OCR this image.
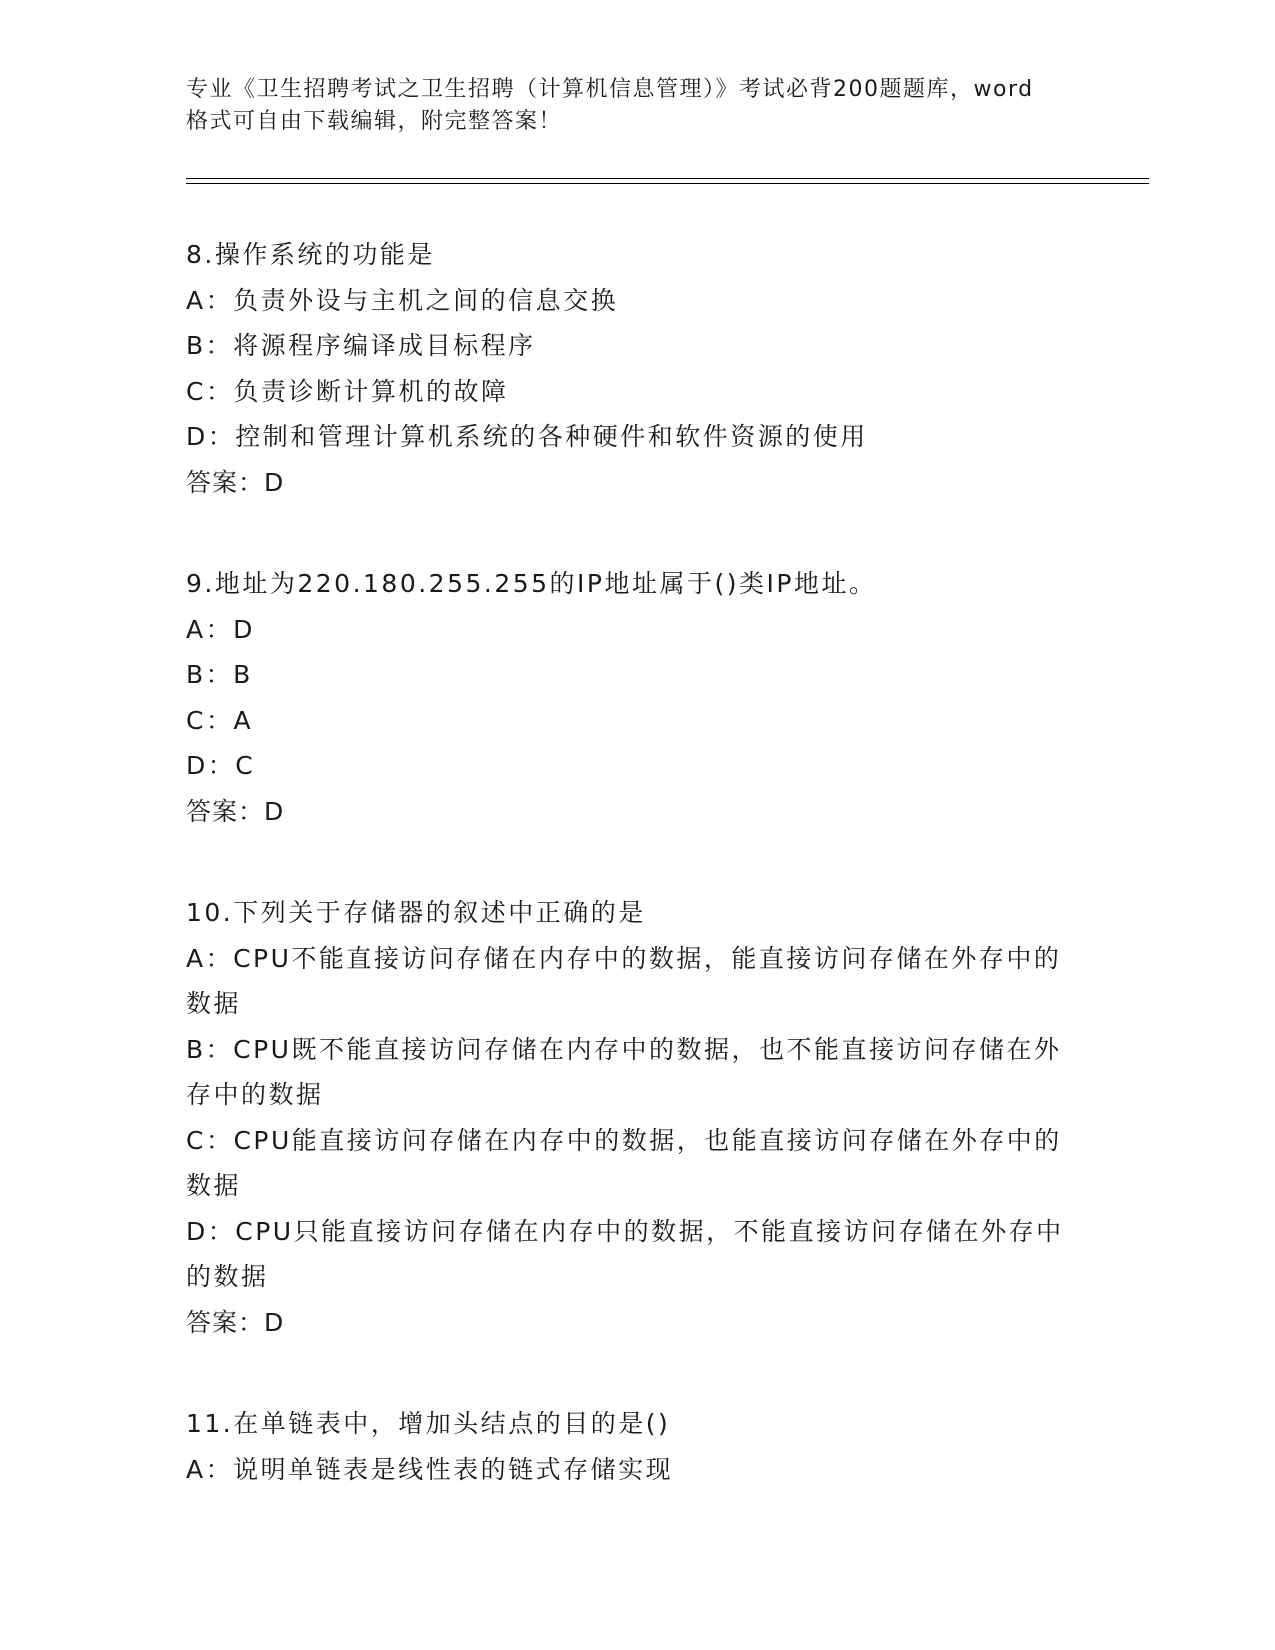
专业《卫生招聘考试之卫生招聘（计算机信息管理）》考试必背200题题库，word
格式可自由下载编辑，附完整答案！
8.操作系统的功能是
A：负责外设与主机之间的信息交换
B：将源程序编译成目标程序
C：负责诊断计算机的故障
D：控制和管理计算机系统的各种硬件和软件资源的使用
答案：D
9.地址为220.180.255.255的IP地址属于()类IP地址。
A：D
B：B
C：A
D：C
答案：D
10.下列关于存储器的叙述中正确的是
A：CPU不能直接访问存储在内存中的数据，能直接访问存储在外存中的数据
B：CPU既不能直接访问存储在内存中的数据，也不能直接访问存储在外存中的数据
C：CPU能直接访问存储在内存中的数据，也能直接访问存储在外存中的数据
D：CPU只能直接访问存储在内存中的数据，不能直接访问存储在外存中的数据
答案：D
11.在单链表中，增加头结点的目的是()
A：说明单链表是线性表的链式存储实现
